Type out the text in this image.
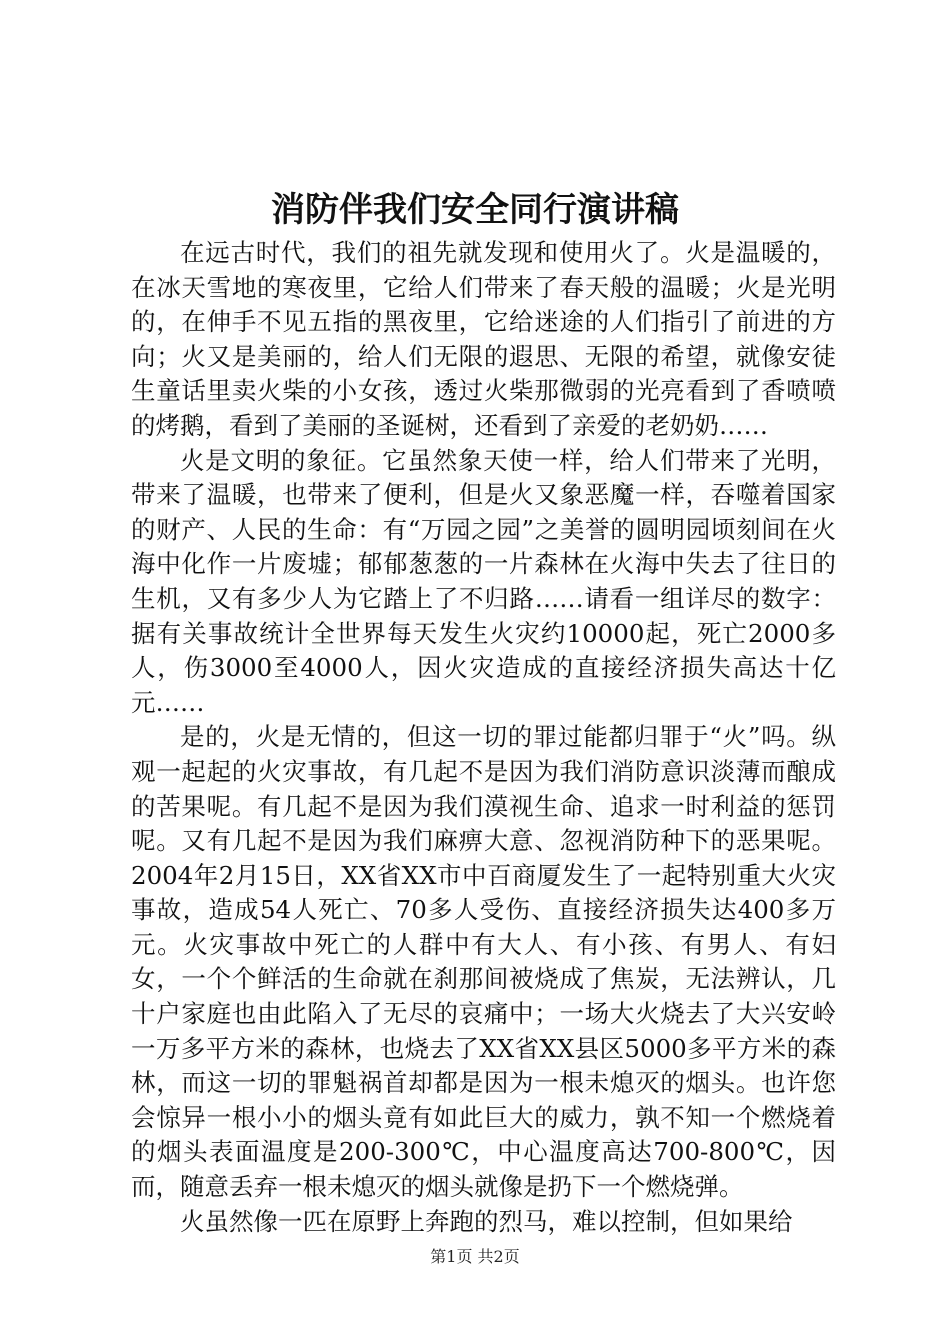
消防伴我们安全同行演讲稿

在远古时代，我们的祖先就发现和使用火了。火是温暖的，在冰天雪地的寒夜里，它给人们带来了春天般的温暖；火是光明的，在伸手不见五指的黑夜里，它给迷途的人们指引了前进的方向；火又是美丽的，给人们无限的遐思、无限的希望，就像安徒生童话里卖火柴的小女孩，透过火柴那微弱的光亮看到了香喷喷的烤鹅，看到了美丽的圣诞树，还看到了亲爱的老奶奶……

火是文明的象征。它虽然象天使一样，给人们带来了光明，带来了温暖，也带来了便利，但是火又象恶魔一样，吞噬着国家的财产、人民的生命：有“万园之园”之美誉的圆明园顷刻间在火海中化作一片废墟；郁郁葱葱的一片森林在火海中失去了往日的生机，又有多少人为它踏上了不归路……请看一组详尽的数字：据有关事故统计全世界每天发生火灾约10000起，死亡2000多人，伤3000至4000人，因火灾造成的直接经济损失高达十亿元……

是的，火是无情的，但这一切的罪过能都归罪于“火”吗。纵观一起起的火灾事故，有几起不是因为我们消防意识淡薄而酿成的苦果呢。有几起不是因为我们漠视生命、追求一时利益的惩罚呢。又有几起不是因为我们麻痹大意、忽视消防种下的恶果呢。2004年2月15日，XX省XX市中百商厦发生了一起特别重大火灾事故，造成54人死亡、70多人受伤、直接经济损失达400多万元。火灾事故中死亡的人群中有大人、有小孩、有男人、有妇女，一个个鲜活的生命就在刹那间被烧成了焦炭，无法辨认，几十户家庭也由此陷入了无尽的哀痛中；一场大火烧去了大兴安岭一万多平方米的森林，也烧去了XX省XX县区5000多平方米的森林，而这一切的罪魁祸首却都是因为一根未熄灭的烟头。也许您会惊异一根小小的烟头竟有如此巨大的威力，孰不知一个燃烧着的烟头表面温度是200-300℃，中心温度高达700-800℃，因而，随意丢弃一根未熄灭的烟头就像是扔下一个燃烧弹。

火虽然像一匹在原野上奔跑的烈马，难以控制，但如果给

第1页 共2页
